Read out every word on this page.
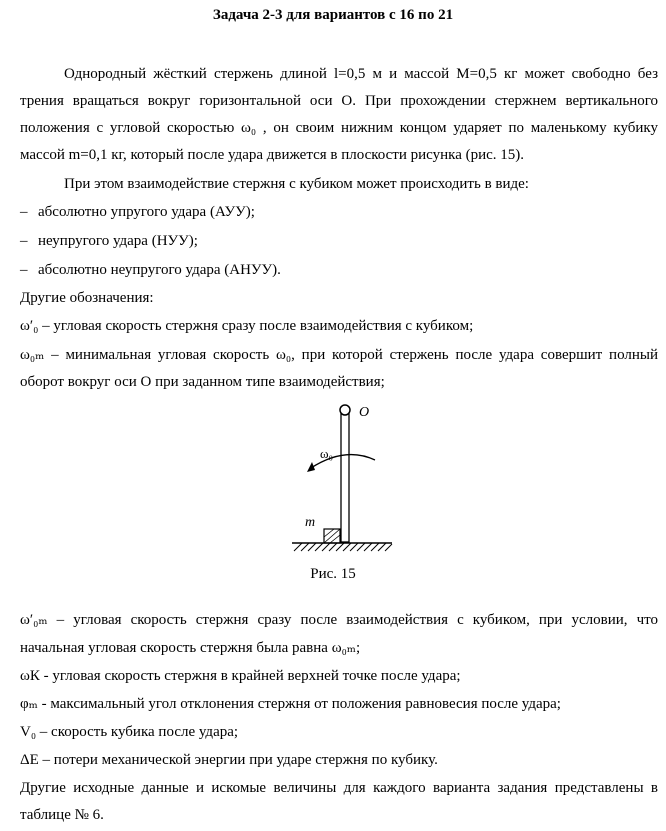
Задача 2-3 для вариантов с 16 по 21
Однородный жёсткий стержень длиной l=0,5 м и массой M=0,5 кг может свободно без
трения вращаться вокруг горизонтальной оси О. При прохождении стержнем вертикального
положения с угловой скоростью ω₀ , он своим нижним концом ударяет по маленькому кубику
массой m=0,1 кг, который после удара движется в плоскости рисунка (рис. 15).
При этом взаимодействие стержня с кубиком может происходить в виде:
– абсолютно упругого удара (АУУ);
– неупругого удара (НУУ);
– абсолютно неупругого удара (АНУУ).
Другие обозначения:
ω′₀ – угловая скорость стержня сразу после взаимодействия с кубиком;
ω₀ₘ – минимальная угловая скорость ω₀, при которой стержень после удара совершит полный
оборот вокруг оси О при заданном типе взаимодействия;
O
ω₀
m
Рис. 15
ω′₀ₘ – угловая скорость стержня сразу после взаимодействия с кубиком, при условии, что
начальная угловая скорость стержня была равна ω₀ₘ;
ωК - угловая скорость стержня в крайней верхней точке после удара;
φₘ - максимальный угол отклонения стержня от положения равновесия после удара;
V₀ – скорость кубика после удара;
ΔE – потери механической энергии при ударе стержня по кубику.
Другие исходные данные и искомые величины для каждого варианта задания представлены в
таблице № 6.
